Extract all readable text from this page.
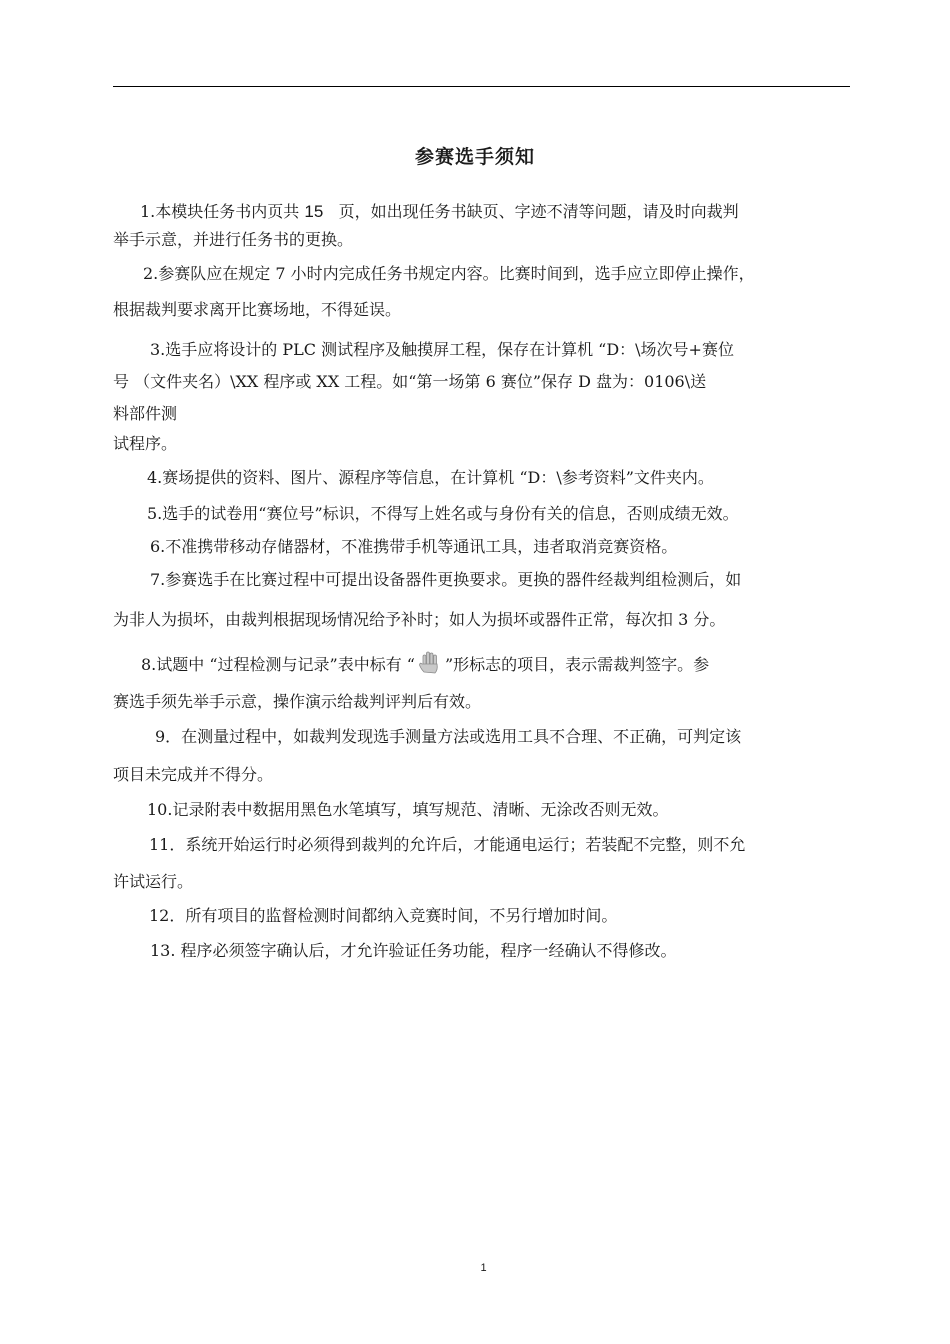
参赛选手须知
1.本模块任务书内页共 15 页，如出现任务书缺页、字迹不清等问题，请及时向裁判
举手示意，并进行任务书的更换。
2.参赛队应在规定 7 小时内完成任务书规定内容。比赛时间到，选手应立即停止操作，
根据裁判要求离开比赛场地，不得延误。
3.选手应将设计的 PLC 测试程序及触摸屏工程，保存在计算机 “D：\场次号+赛位
号 （文件夹名）\XX 程序或 XX 工程。如“第一场第 6 赛位”保存 D 盘为：0106\送
料部件测
试程序。
4.赛场提供的资料、图片、源程序等信息，在计算机 “D：\参考资料”文件夹内。
5.选手的试卷用“赛位号”标识，不得写上姓名或与身份有关的信息，否则成绩无效。
6.不准携带移动存储器材，不准携带手机等通讯工具，违者取消竞赛资格。
7.参赛选手在比赛过程中可提出设备器件更换要求。更换的器件经裁判组检测后，如
为非人为损坏，由裁判根据现场情况给予补时；如人为损坏或器件正常，每次扣 3 分。
8.试题中 “过程检测与记录”表中标有 “ ”形标志的项目，表示需裁判签字。参
赛选手须先举手示意，操作演示给裁判评判后有效。
9．在测量过程中，如裁判发现选手测量方法或选用工具不合理、不正确，可判定该
项目未完成并不得分。
10.记录附表中数据用黑色水笔填写，填写规范、清晰、无涂改否则无效。
11．系统开始运行时必须得到裁判的允许后，才能通电运行；若装配不完整，则不允
许试运行。
12．所有项目的监督检测时间都纳入竞赛时间，不另行增加时间。
13. 程序必须签字确认后，才允许验证任务功能，程序一经确认不得修改。
1
